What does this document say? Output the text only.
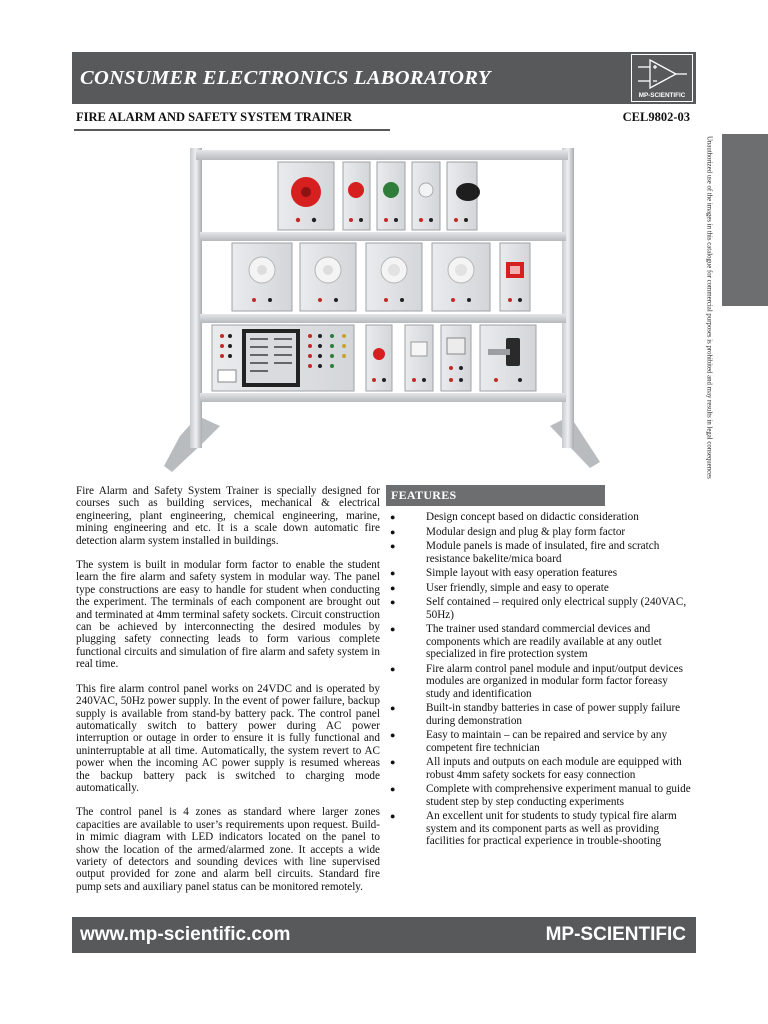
CONSUMER ELECTRONICS LABORATORY
MP-SCIENTIFIC
FIRE ALARM AND SAFETY SYSTEM TRAINER	CEL9802-03
Unauthorized use of the images in this catalogue for commercial purposes is prohibited and may results in legal consequences

Fire Alarm and Safety System Trainer is specially designed for courses such as building services, mechanical & electrical engineering, plant engineering, chemical engineering, marine, mining engineering and etc. It is a scale down automatic fire detection alarm system installed in buildings.

The system is built in modular form factor to enable the student learn the fire alarm and safety system in modular way. The panel type constructions are easy to handle for student when conducting the experiment. The terminals of each component are brought out and terminated at 4mm terminal safety sockets. Circuit construction can be achieved by interconnecting the desired modules by plugging safety connecting leads to form various complete functional circuits and simulation of fire alarm and safety system in real time.

This fire alarm control panel works on 24VDC and is operated by 240VAC, 50Hz power supply. In the event of power failure, backup supply is available from stand-by battery pack. The control panel automatically switch to battery power during AC power interruption or outage in order to ensure it is fully functional and uninterruptable at all time. Automatically, the system revert to AC power when the incoming AC power supply is resumed whereas the backup battery pack is switched to charging mode automatically.

The control panel is 4 zones as standard where larger zones capacities are available to user’s requirements upon request. Build-in mimic diagram with LED indicators located on the panel to show the location of the armed/alarmed zone. It accepts a wide variety of detectors and sounding devices with line supervised output provided for zone and alarm bell circuits. Standard fire pump sets and auxiliary panel status can be monitored remotely.

FEATURES
●	Design concept based on didactic consideration
●	Modular design and plug & play form factor
●	Module panels is made of insulated, fire and scratch resistance bakelite/mica board
●	Simple layout with easy operation features
●	User friendly, simple and easy to operate
●	Self contained – required only electrical supply (240VAC, 50Hz)
●	The trainer used standard commercial devices and components which are readily available at any outlet specialized in fire protection system
●	Fire alarm control panel module and input/output devices modules are organized in modular form factor foreasy study and identification
●	Built-in standby batteries in case of power supply failure during demonstration
●	Easy to maintain – can be repaired and service by any competent fire technician
●	All inputs and outputs on each module are equipped with robust 4mm safety sockets for easy connection
●	Complete with comprehensive experiment manual to guide student step by step conducting experiments
●	An excellent unit for students to study typical fire alarm system and its component parts as well as providing facilities for practical experience in trouble-shooting
www.mp-scientific.com	MP-SCIENTIFIC
